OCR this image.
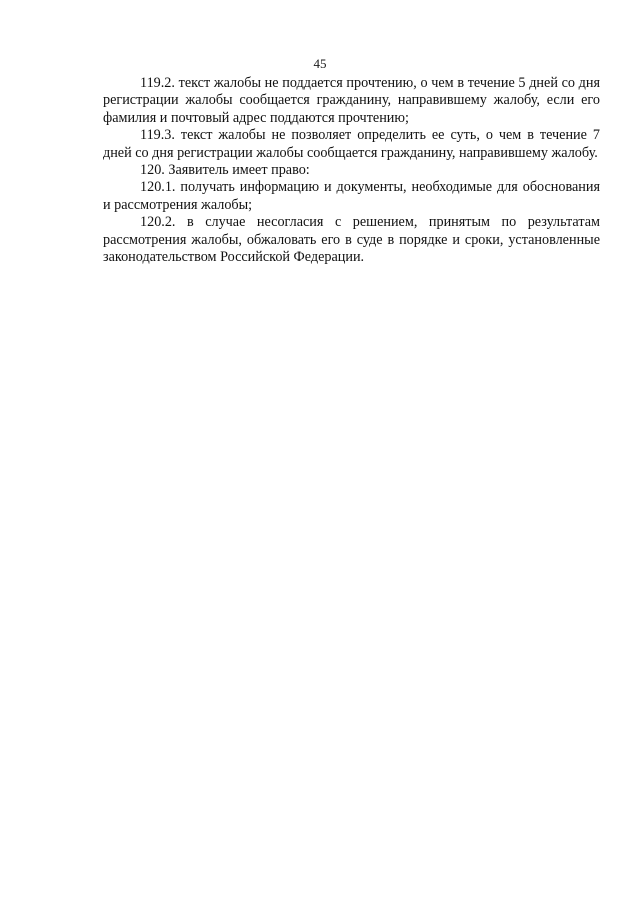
45

119.2. текст жалобы не поддается прочтению, о чем в течение 5 дней со дня регистрации жалобы сообщается гражданину, направившему жалобу, если его фамилия и почтовый адрес поддаются прочтению;

119.3. текст жалобы не позволяет определить ее суть, о чем в течение 7 дней со дня регистрации жалобы сообщается гражданину, направившему жалобу.

120. Заявитель имеет право:

120.1. получать информацию и документы, необходимые для обоснования и рассмотрения жалобы;

120.2. в случае несогласия с решением, принятым по результатам рассмотрения жалобы, обжаловать его в суде в порядке и сроки, установленные законодательством Российской Федерации.
